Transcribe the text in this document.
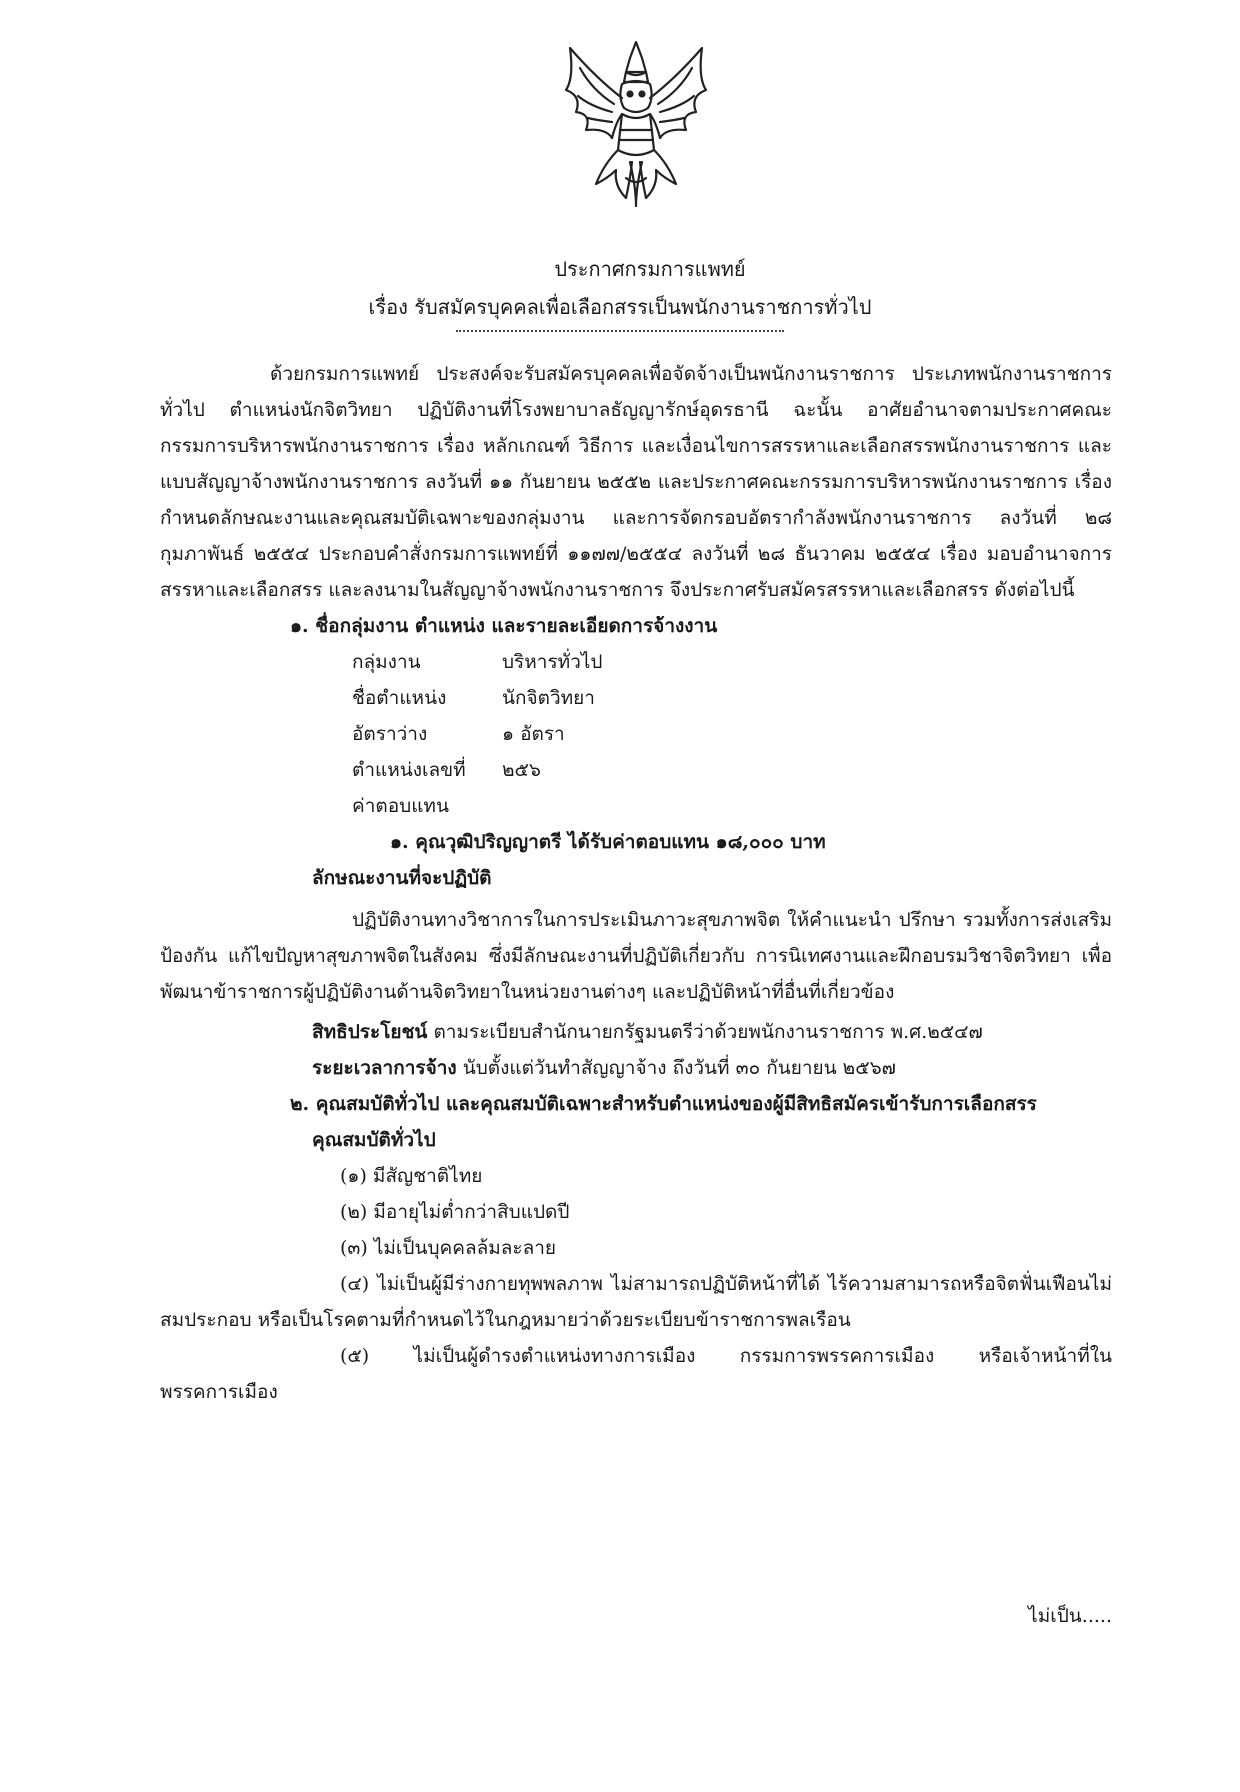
ประกาศกรมการแพทย์
เรื่อง รับสมัครบุคคลเพื่อเลือกสรรเป็นพนักงานราชการทั่วไป

ด้วยกรมการแพทย์ ประสงค์จะรับสมัครบุคคลเพื่อจัดจ้างเป็นพนักงานราชการ ประเภทพนักงานราชการทั่วไป ตำแหน่งนักจิตวิทยา ปฏิบัติงานที่โรงพยาบาลธัญญารักษ์อุดรธานี ฉะนั้น อาศัยอำนาจตามประกาศคณะกรรมการบริหารพนักงานราชการ เรื่อง หลักเกณฑ์ วิธีการ และเงื่อนไขการสรรหาและเลือกสรรพนักงานราชการ และแบบสัญญาจ้างพนักงานราชการ ลงวันที่ ๑๑ กันยายน ๒๕๕๒ และประกาศคณะกรรมการบริหารพนักงานราชการ เรื่อง กำหนดลักษณะงานและคุณสมบัติเฉพาะของกลุ่มงาน และการจัดกรอบอัตรากำลังพนักงานราชการ ลงวันที่ ๒๘ กุมภาพันธ์ ๒๕๕๔ ประกอบคำสั่งกรมการแพทย์ที่ ๑๑๗๗/๒๕๕๔ ลงวันที่ ๒๘ ธันวาคม ๒๕๕๔ เรื่อง มอบอำนาจการสรรหาและเลือกสรร และลงนามในสัญญาจ้างพนักงานราชการ จึงประกาศรับสมัครสรรหาและเลือกสรร ดังต่อไปนี้

๑. ชื่อกลุ่มงาน ตำแหน่ง และรายละเอียดการจ้างงาน
กลุ่มงาน	บริหารทั่วไป
ชื่อตำแหน่ง	นักจิตวิทยา
อัตราว่าง	๑ อัตรา
ตำแหน่งเลขที่	๒๕๖
ค่าตอบแทน
๑. คุณวุฒิปริญญาตรี ได้รับค่าตอบแทน ๑๘,๐๐๐ บาท
ลักษณะงานที่จะปฏิบัติ

ปฏิบัติงานทางวิชาการในการประเมินภาวะสุขภาพจิต ให้คำแนะนำ ปรึกษา รวมทั้งการส่งเสริมป้องกัน แก้ไขปัญหาสุขภาพจิตในสังคม ซึ่งมีลักษณะงานที่ปฏิบัติเกี่ยวกับ การนิเทศงานและฝึกอบรมวิชาจิตวิทยา เพื่อพัฒนาข้าราชการผู้ปฏิบัติงานด้านจิตวิทยาในหน่วยงานต่างๆ และปฏิบัติหน้าที่อื่นที่เกี่ยวข้อง

สิทธิประโยชน์ ตามระเบียบสำนักนายกรัฐมนตรีว่าด้วยพนักงานราชการ พ.ศ.๒๕๔๗
ระยะเวลาการจ้าง นับตั้งแต่วันทำสัญญาจ้าง ถึงวันที่ ๓๐ กันยายน ๒๕๖๗
๒. คุณสมบัติทั่วไป และคุณสมบัติเฉพาะสำหรับตำแหน่งของผู้มีสิทธิสมัครเข้ารับการเลือกสรร
คุณสมบัติทั่วไป
(๑) มีสัญชาติไทย
(๒) มีอายุไม่ต่ำกว่าสิบแปดปี
(๓) ไม่เป็นบุคคลล้มละลาย

(๔) ไม่เป็นผู้มีร่างกายทุพพลภาพ ไม่สามารถปฏิบัติหน้าที่ได้ ไร้ความสามารถหรือจิตฟั่นเฟือนไม่สมประกอบ หรือเป็นโรคตามที่กำหนดไว้ในกฎหมายว่าด้วยระเบียบข้าราชการพลเรือน

(๕) ไม่เป็นผู้ดำรงตำแหน่งทางการเมือง กรรมการพรรคการเมือง หรือเจ้าหน้าที่ในพรรคการเมือง

ไม่เป็น.....
